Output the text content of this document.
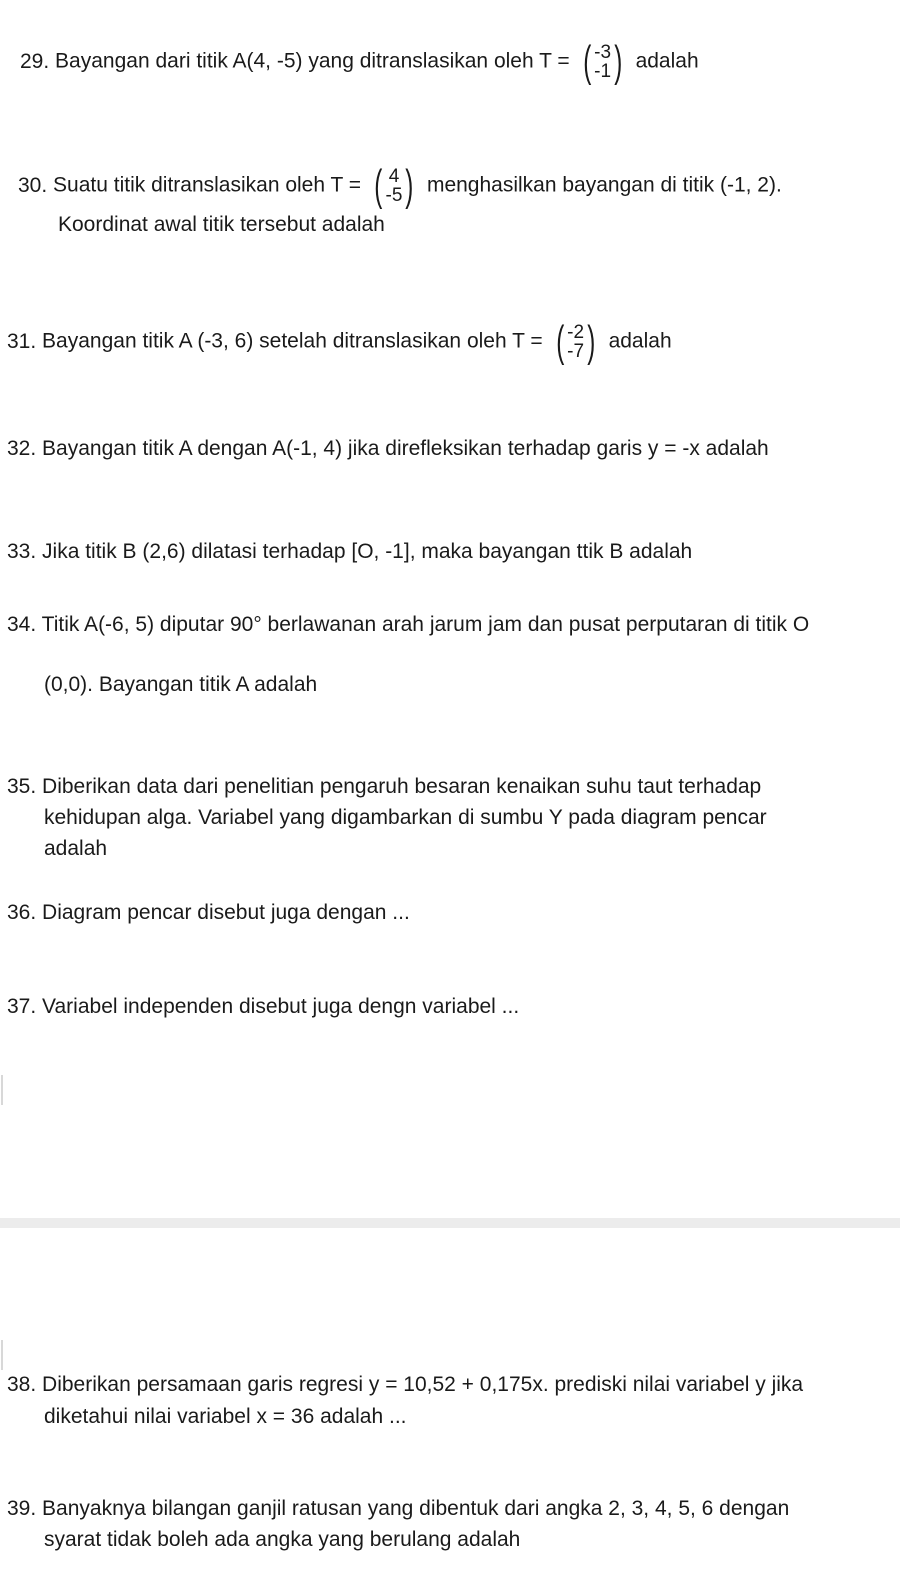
29. Bayangan dari titik A(4, -5) yang ditranslasikan oleh T = ( -3
-1 ) adalah
30. Suatu titik ditranslasikan oleh T = ( 4
-5 ) menghasilkan bayangan di titik (-1, 2).
Koordinat awal titik tersebut adalah
31. Bayangan titik A (-3, 6) setelah ditranslasikan oleh T = ( -2
-7 ) adalah
32. Bayangan titik A dengan A(-1, 4) jika direfleksikan terhadap garis y = -x adalah
33. Jika titik B (2,6) dilatasi terhadap [O, -1], maka bayangan ttik B adalah
34. Titik A(-6, 5) diputar 90° berlawanan arah jarum jam dan pusat perputaran di titik O
(0,0). Bayangan titik A adalah
35. Diberikan data dari penelitian pengaruh besaran kenaikan suhu taut terhadap
kehidupan alga. Variabel yang digambarkan di sumbu Y pada diagram pencar
adalah
36. Diagram pencar disebut juga dengan ...
37. Variabel independen disebut juga dengn variabel ...
38. Diberikan persamaan garis regresi y = 10,52 + 0,175x. prediski nilai variabel y jika
diketahui nilai variabel x = 36 adalah ...
39. Banyaknya bilangan ganjil ratusan yang dibentuk dari angka 2, 3, 4, 5, 6 dengan
syarat tidak boleh ada angka yang berulang adalah
